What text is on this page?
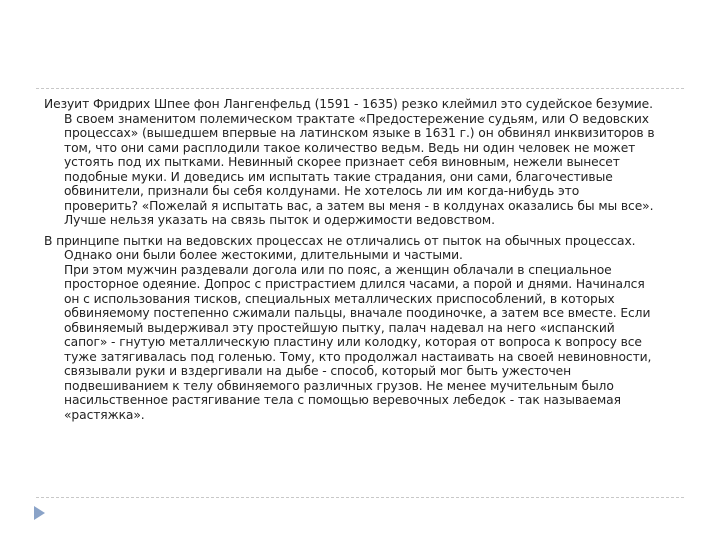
Иезуит Фридрих Шпее фон Лангенфельд (1591 - 1635) резко клеймил это судейское безумие.
В своем знаменитом полемическом трактате «Предостережение судьям, или О ведовских
процессах» (вышедшем впервые на латинском языке в 1631 г.) он обвинял инквизиторов в
том, что они сами расплодили такое количество ведьм. Ведь ни один человек не может
устоять под их пытками. Невинный скорее признает себя виновным, нежели вынесет
подобные муки. И доведись им испытать такие страдания, они сами, благочестивые
обвинители, признали бы себя колдунами. Не хотелось ли им когда-нибудь это
проверить? «Пожелай я испытать вас, а затем вы меня - в колдунах оказались бы мы все».
Лучше нельзя указать на связь пыток и одержимости ведовством.

В принципе пытки на ведовских процессах не отличались от пыток на обычных процессах.
Однако они были более жестокими, длительными и частыми.
При этом мужчин раздевали догола или по пояс, а женщин облачали в специальное
просторное одеяние. Допрос с пристрастием длился часами, а порой и днями. Начинался
он с использования тисков, специальных металлических приспособлений, в которых
обвиняемому постепенно сжимали пальцы, вначале поодиночке, а затем все вместе. Если
обвиняемый выдерживал эту простейшую пытку, палач надевал на него «испанский
сапог» - гнутую металлическую пластину или колодку, которая от вопроса к вопросу все
туже затягивалась под голенью. Тому, кто продолжал настаивать на своей невиновности,
связывали руки и вздергивали на дыбе - способ, который мог быть ужесточен
подвешиванием к телу обвиняемого различных грузов. Не менее мучительным было
насильственное растягивание тела с помощью веревочных лебедок - так называемая
«растяжка».
